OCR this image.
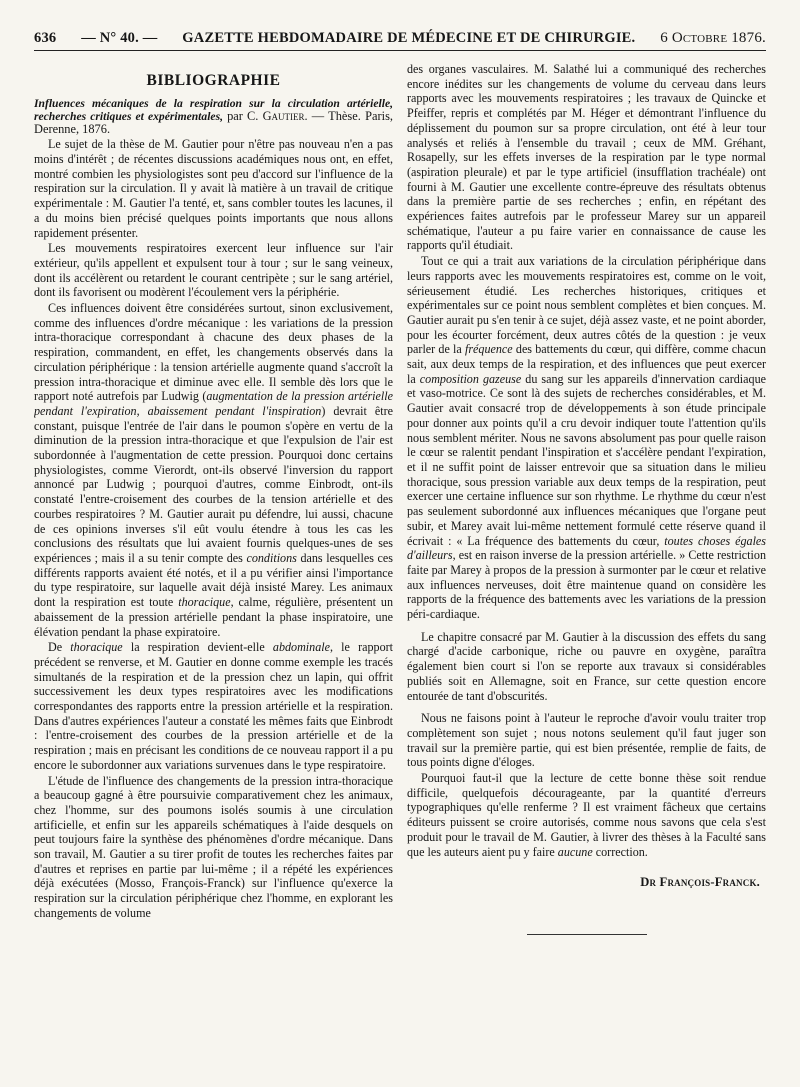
636 — N° 40. — GAZETTE HEBDOMADAIRE DE MÉDECINE ET DE CHIRURGIE. 6 Octobre 1876.
BIBLIOGRAPHIE

Influences mécaniques de la respiration sur la circulation artérielle, recherches critiques et expérimentales, par C. Gautier. — Thèse. Paris, Derenne, 1876.

Le sujet de la thèse de M. Gautier pour n'être pas nouveau n'en a pas moins d'intérêt ; de récentes discussions académiques nous ont, en effet, montré combien les physiologistes sont peu d'accord sur l'influence de la respiration sur la circulation. Il y avait là matière à un travail de critique expérimentale : M. Gautier l'a tenté, et, sans combler toutes les lacunes, il a du moins bien précisé quelques points importants que nous allons rapidement présenter.

Les mouvements respiratoires exercent leur influence sur l'air extérieur, qu'ils appellent et expulsent tour à tour ; sur le sang veineux, dont ils accélèrent ou retardent le courant centripète ; sur le sang artériel, dont ils favorisent ou modèrent l'écoulement vers la périphérie.

Ces influences doivent être considérées surtout, sinon exclusivement, comme des influences d'ordre mécanique : les variations de la pression intra-thoracique correspondant à chacune des deux phases de la respiration, commandent, en effet, les changements observés dans la circulation périphérique : la tension artérielle augmente quand s'accroît la pression intra-thoracique et diminue avec elle. Il semble dès lors que le rapport noté autrefois par Ludwig (augmentation de la pression artérielle pendant l'expiration, abaissement pendant l'inspiration) devrait être constant, puisque l'entrée de l'air dans le poumon s'opère en vertu de la diminution de la pression intra-thoracique et que l'expulsion de l'air est subordonnée à l'augmentation de cette pression. Pourquoi donc certains physiologistes, comme Vierordt, ont-ils observé l'inversion du rapport annoncé par Ludwig ; pourquoi d'autres, comme Einbrodt, ont-ils constaté l'entre-croisement des courbes de la tension artérielle et des courbes respiratoires ? M. Gautier aurait pu défendre, lui aussi, chacune de ces opinions inverses s'il eût voulu étendre à tous les cas les conclusions des résultats que lui avaient fournis quelques-unes de ses expériences ; mais il a su tenir compte des conditions dans lesquelles ces différents rapports avaient été notés, et il a pu vérifier ainsi l'importance du type respiratoire, sur laquelle avait déjà insisté Marey. Les animaux dont la respiration est toute thoracique, calme, régulière, présentent un abaissement de la pression artérielle pendant la phase inspiratoire, une élévation pendant la phase expiratoire.

De thoracique la respiration devient-elle abdominale, le rapport précédent se renverse, et M. Gautier en donne comme exemple les tracés simultanés de la respiration et de la pression chez un lapin, qui offrit successivement les deux types respiratoires avec les modifications correspondantes des rapports entre la pression artérielle et la respiration. Dans d'autres expériences l'auteur a constaté les mêmes faits que Einbrodt : l'entre-croisement des courbes de la pression artérielle et de la respiration ; mais en précisant les conditions de ce nouveau rapport il a pu encore le subordonner aux variations survenues dans le type respiratoire.

L'étude de l'influence des changements de la pression intra-thoracique a beaucoup gagné à être poursuivie comparativement chez les animaux, chez l'homme, sur des poumons isolés soumis à une circulation artificielle, et enfin sur les appareils schématiques à l'aide desquels on peut toujours faire la synthèse des phénomènes d'ordre mécanique. Dans son travail, M. Gautier a su tirer profit de toutes les recherches faites par d'autres et reprises en partie par lui-même ; il a répété les expériences déjà exécutées (Mosso, François-Franck) sur l'influence qu'exerce la respiration sur la circulation périphérique chez l'homme, en explorant les changements de volume

des organes vasculaires. M. Salathé lui a communiqué des recherches encore inédites sur les changements de volume du cerveau dans leurs rapports avec les mouvements respiratoires ; les travaux de Quincke et Pfeiffer, repris et complétés par M. Héger et démontrant l'influence du déplissement du poumon sur sa propre circulation, ont été à leur tour analysés et reliés à l'ensemble du travail ; ceux de MM. Gréhant, Rosapelly, sur les effets inverses de la respiration par le type normal (aspiration pleurale) et par le type artificiel (insufflation trachéale) ont fourni à M. Gautier une excellente contre-épreuve des résultats obtenus dans la première partie de ses recherches ; enfin, en répétant des expériences faites autrefois par le professeur Marey sur un appareil schématique, l'auteur a pu faire varier en connaissance de cause les rapports qu'il étudiait.

Tout ce qui a trait aux variations de la circulation périphérique dans leurs rapports avec les mouvements respiratoires est, comme on le voit, sérieusement étudié. Les recherches historiques, critiques et expérimentales sur ce point nous semblent complètes et bien conçues. M. Gautier aurait pu s'en tenir à ce sujet, déjà assez vaste, et ne point aborder, pour les écourter forcément, deux autres côtés de la question : je veux parler de la fréquence des battements du cœur, qui diffère, comme chacun sait, aux deux temps de la respiration, et des influences que peut exercer la composition gazeuse du sang sur les appareils d'innervation cardiaque et vaso-motrice. Ce sont là des sujets de recherches considérables, et M. Gautier avait consacré trop de développements à son étude principale pour donner aux points qu'il a cru devoir indiquer toute l'attention qu'ils nous semblent mériter. Nous ne savons absolument pas pour quelle raison le cœur se ralentit pendant l'inspiration et s'accélère pendant l'expiration, et il ne suffit point de laisser entrevoir que sa situation dans le milieu thoracique, sous pression variable aux deux temps de la respiration, peut exercer une certaine influence sur son rhythme. Le rhythme du cœur n'est pas seulement subordonné aux influences mécaniques que l'organe peut subir, et Marey avait lui-même nettement formulé cette réserve quand il écrivait : « La fréquence des battements du cœur, toutes choses égales d'ailleurs, est en raison inverse de la pression artérielle. » Cette restriction faite par Marey à propos de la pression à surmonter par le cœur et relative aux influences nerveuses, doit être maintenue quand on considère les rapports de la fréquence des battements avec les variations de la pression péri-cardiaque.

Le chapitre consacré par M. Gautier à la discussion des effets du sang chargé d'acide carbonique, riche ou pauvre en oxygène, paraîtra également bien court si l'on se reporte aux travaux si considérables publiés soit en Allemagne, soit en France, sur cette question encore entourée de tant d'obscurités.

Nous ne faisons point à l'auteur le reproche d'avoir voulu traiter trop complètement son sujet ; nous notons seulement qu'il faut juger son travail sur la première partie, qui est bien présentée, remplie de faits, de tous points digne d'éloges.

Pourquoi faut-il que la lecture de cette bonne thèse soit rendue difficile, quelquefois décourageante, par la quantité d'erreurs typographiques qu'elle renferme ? Il est vraiment fâcheux que certains éditeurs puissent se croire autorisés, comme nous savons que cela s'est produit pour le travail de M. Gautier, à livrer des thèses à la Faculté sans que les auteurs aient pu y faire aucune correction.

Dr François-Franck.
